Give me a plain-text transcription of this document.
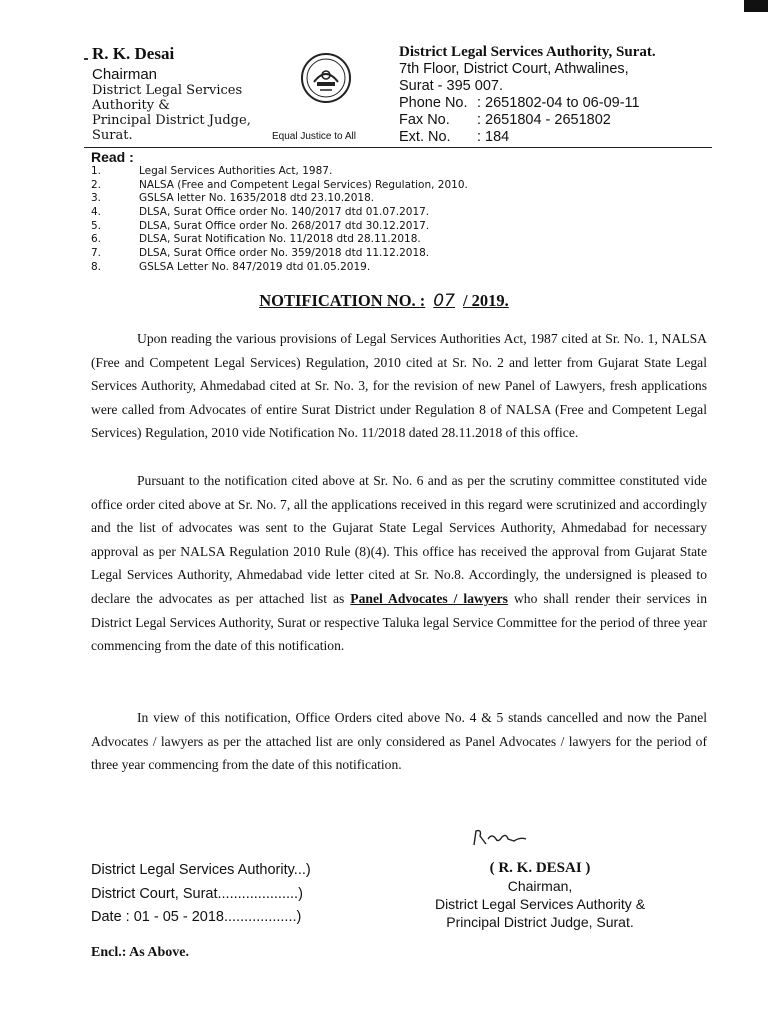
R. K. Desai
Chairman
District Legal Services
Authority &
Principal District Judge,
Surat.	Equal Justice to All
District Legal Services Authority, Surat.
7th Floor, District Court, Athwalines,
Surat - 395 007.
Phone No. : 2651802-04 to 06-09-11
Fax No.	: 2651804 - 2651802
Ext. No.	: 184
Read :
1.	Legal Services Authorities Act, 1987.
2.	NALSA (Free and Competent Legal Services) Regulation, 2010.
3.	GSLSA letter No. 1635/2018 dtd 23.10.2018.
4.	DLSA, Surat Office order No. 140/2017 dtd 01.07.2017.
5.	DLSA, Surat Office order No. 268/2017 dtd 30.12.2017.
6.	DLSA, Surat Notification No. 11/2018 dtd 28.11.2018.
7.	DLSA, Surat Office order No. 359/2018 dtd 11.12.2018.
8.	GSLSA Letter No. 847/2019 dtd 01.05.2019.
NOTIFICATION NO. : 07 / 2019.
Upon reading the various provisions of Legal Services Authorities Act, 1987 cited at Sr. No. 1, NALSA (Free and Competent Legal Services) Regulation, 2010 cited at Sr. No. 2 and letter from Gujarat State Legal Services Authority, Ahmedabad cited at Sr. No. 3, for the revision of new Panel of Lawyers, fresh applications were called from Advocates of entire Surat District under Regulation 8 of NALSA (Free and Competent Legal Services) Regulation, 2010 vide Notification No. 11/2018 dated 28.11.2018 of this office.
Pursuant to the notification cited above at Sr. No. 6 and as per the scrutiny committee constituted vide office order cited above at Sr. No. 7, all the applications received in this regard were scrutinized and accordingly and the list of advocates was sent to the Gujarat State Legal Services Authority, Ahmedabad for necessary approval as per NALSA Regulation 2010 Rule (8)(4). This office has received the approval from Gujarat State Legal Services Authority, Ahmedabad vide letter cited at Sr. No.8. Accordingly, the undersigned is pleased to declare the advocates as per attached list as Panel Advocates / lawyers who shall render their services in District Legal Services Authority, Surat or respective Taluka legal Service Committee for the period of three year commencing from the date of this notification.
In view of this notification, Office Orders cited above No. 4 & 5 stands cancelled and now the Panel Advocates / lawyers as per the attached list are only considered as Panel Advocates / lawyers for the period of three year commencing from the date of this notification.
District Legal Services Authority...)
District Court, Surat....................)
Date : 01 - 05 - 2018..................)
( R. K. DESAI )
Chairman,
District Legal Services Authority &
Principal District Judge, Surat.
Encl.: As Above.
